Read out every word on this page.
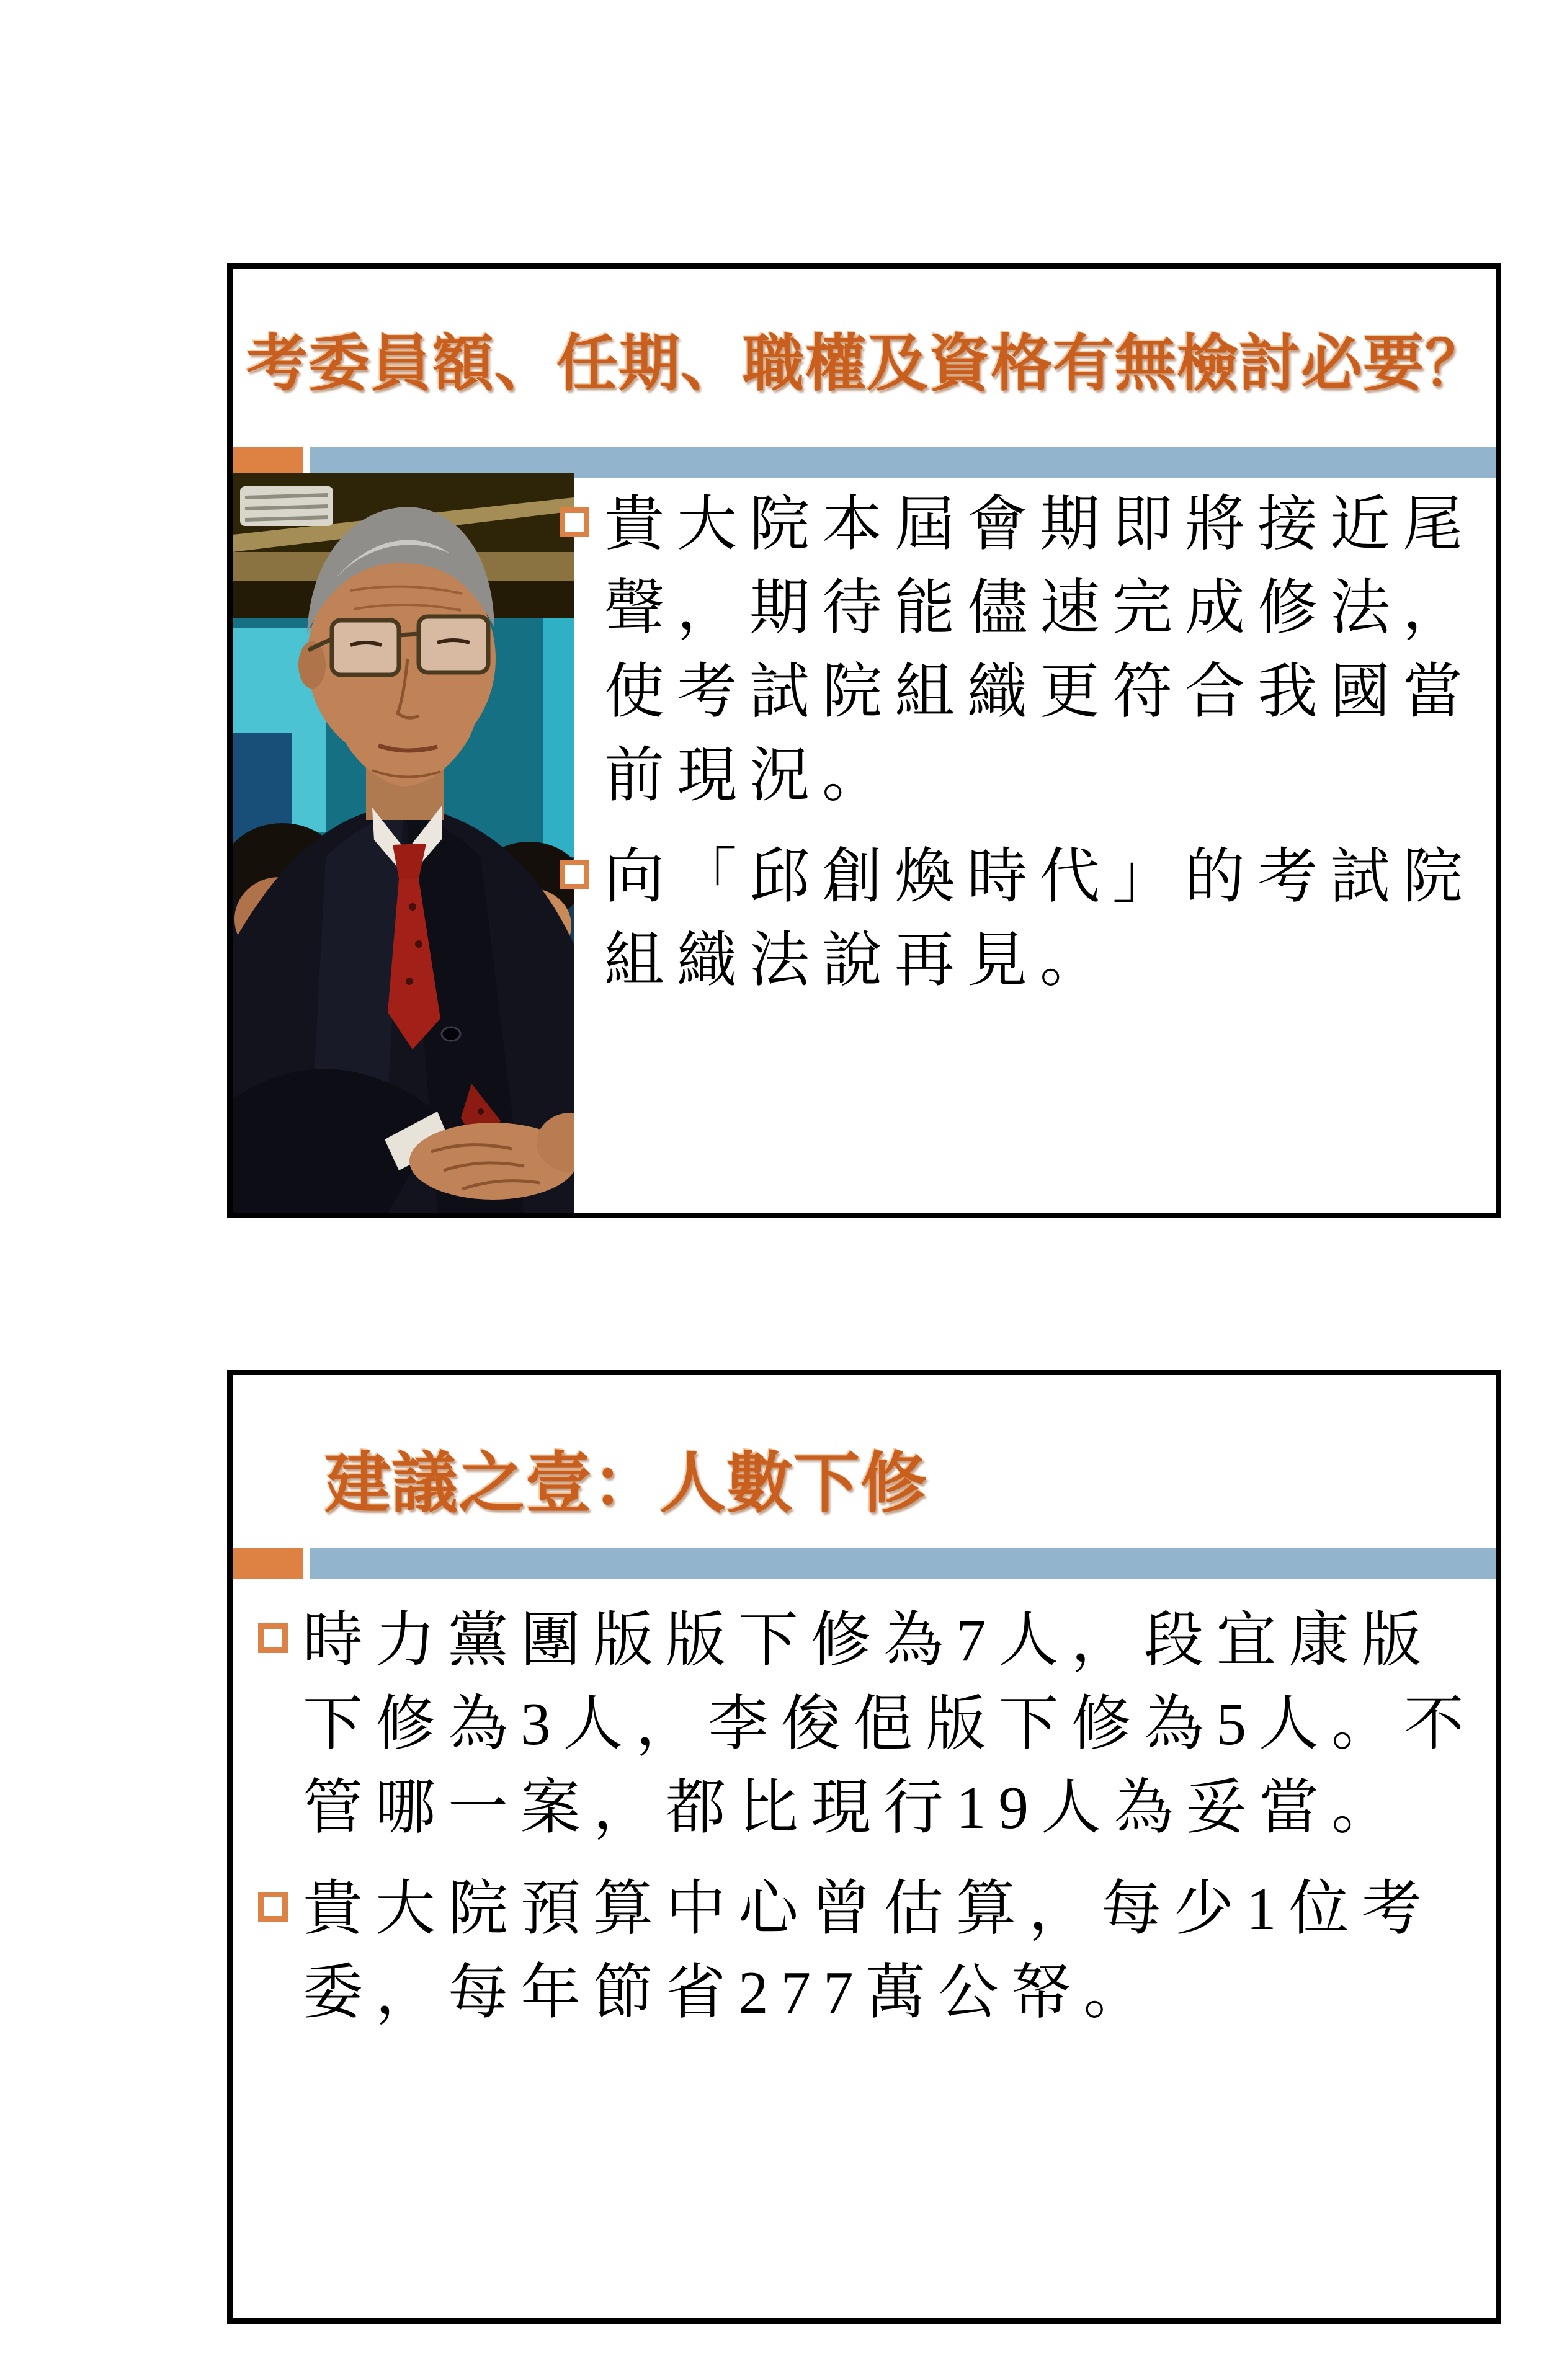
考委員額、任期、職權及資格有無檢討必要？
貴大院本屆會期即將接近尾聲，期待能儘速完成修法，使考試院組織更符合我國當前現況。
向「邱創煥時代」的考試院組織法說再見。
建議之壹：人數下修
時力黨團版版下修為7人，段宜康版下修為3人，李俊俋版下修為5人。不管哪一案，都比現行19人為妥當。
貴大院預算中心曾估算，每少1位考委，每年節省277萬公帑。
